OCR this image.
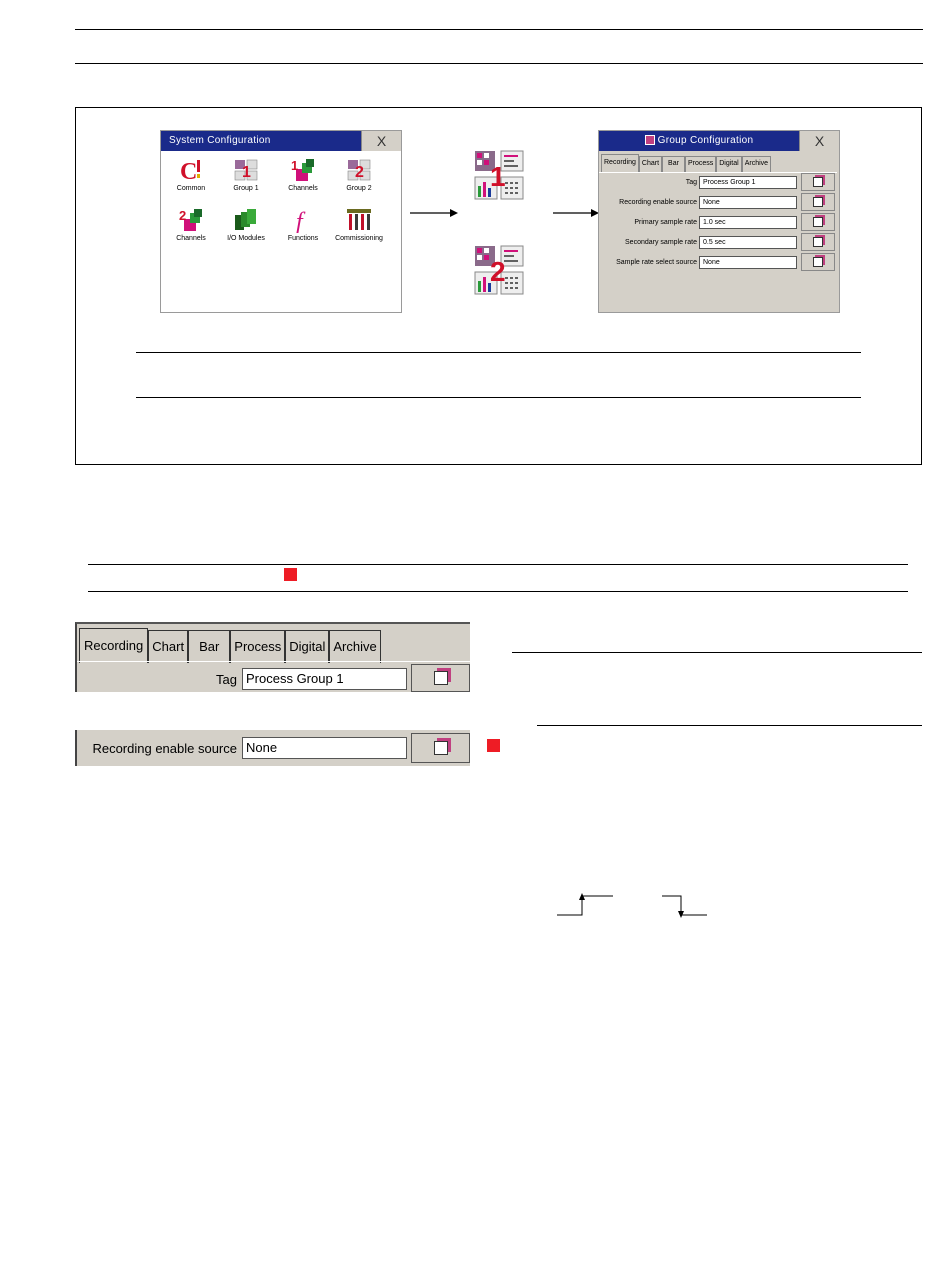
System Configuration	X
C
Common
1
Group 1
1
Channels
2
Group 2
2
Channels	I/O Modules
f
Functions	Commissioning
1
2
Group Configuration	X
Recording Chart	Bar	Process Digital Archive
Tag Process Group 1
Recording enable source None
Primary sample rate 1.0 sec
Secondary sample rate 0.5 sec
Sample rate select source None
Recording Chart	Bar	Process Digital Archive
Tag Process Group 1
Recording enable source None
